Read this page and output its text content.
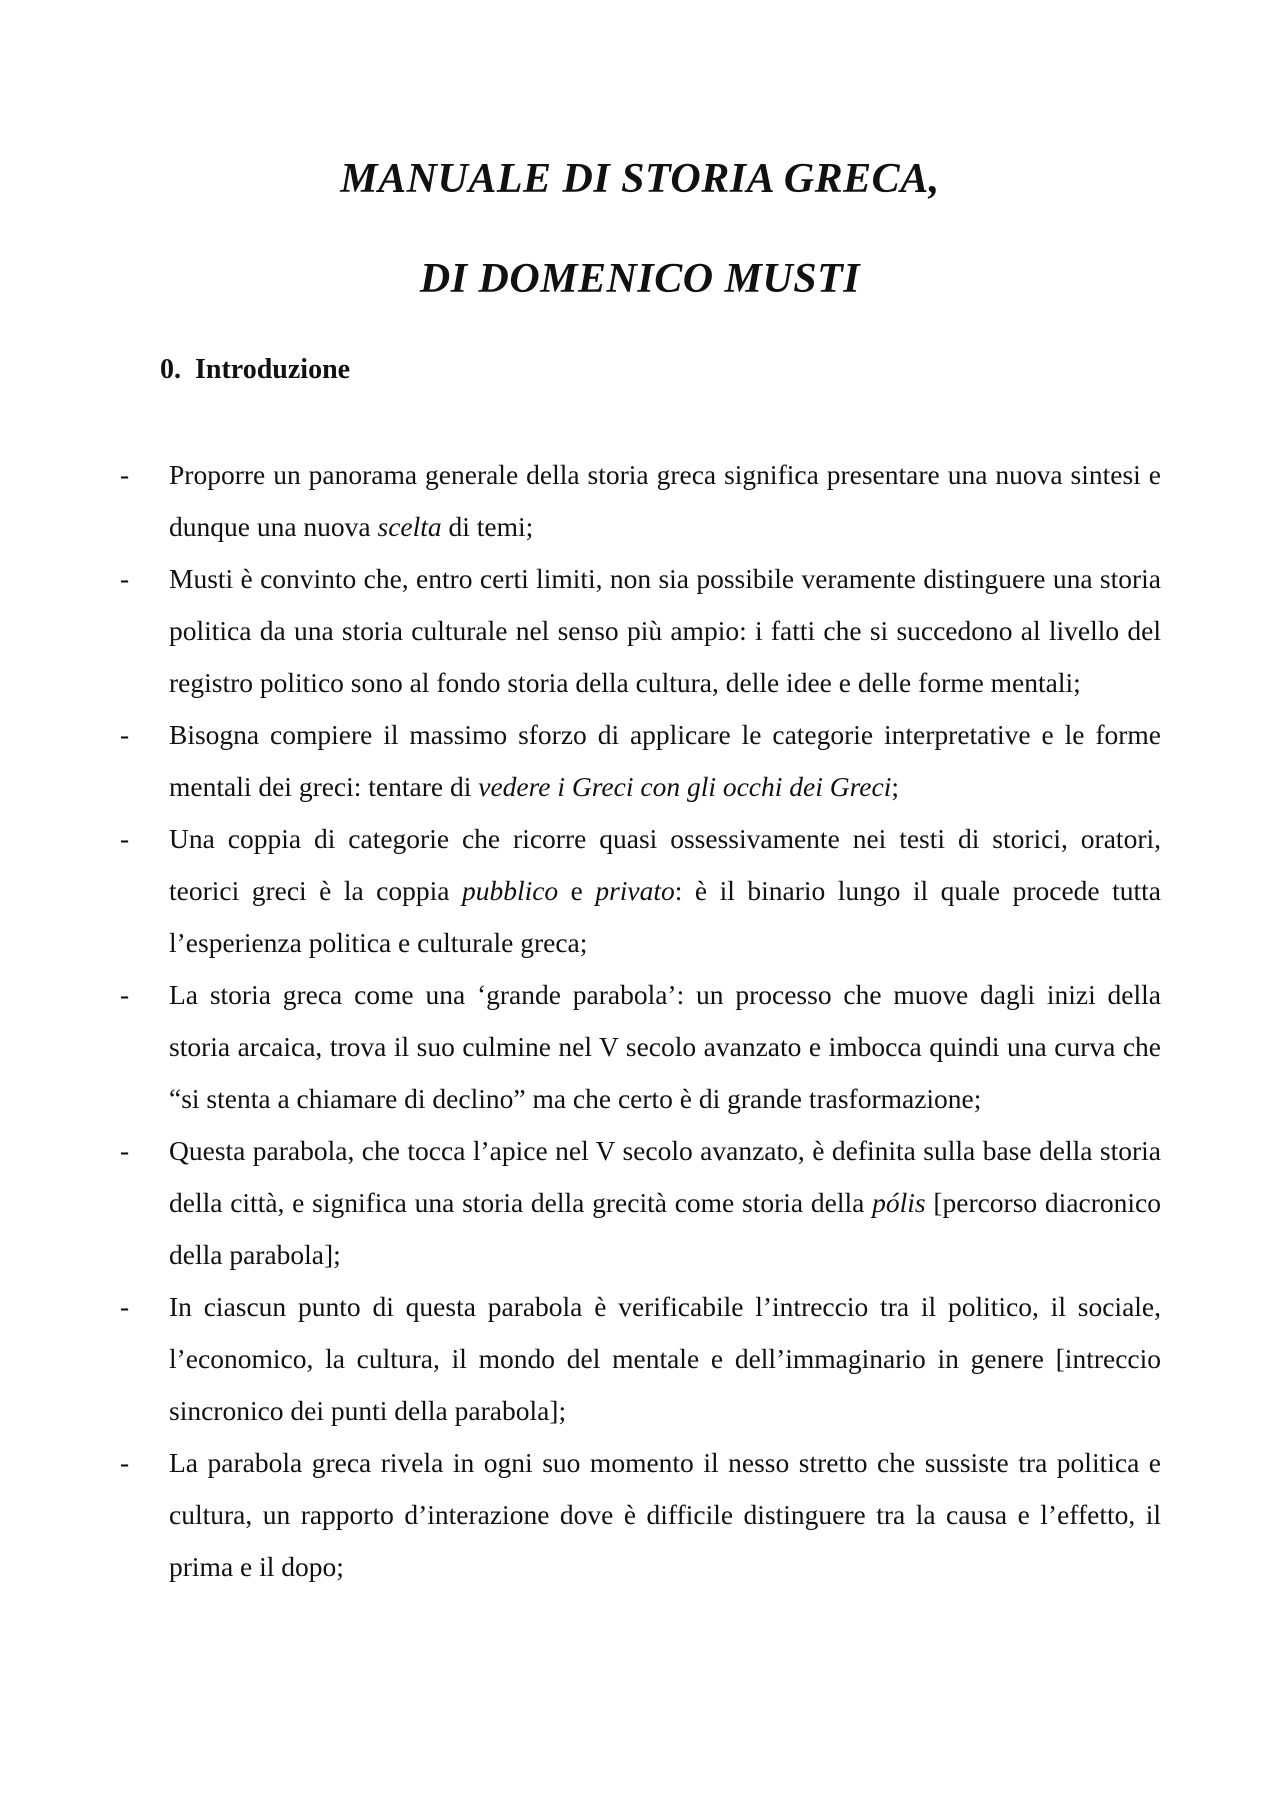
MANUALE DI STORIA GRECA,
DI DOMENICO MUSTI
0. Introduzione
- Proporre un panorama generale della storia greca significa presentare una nuova sintesi e dunque una nuova scelta di temi;
- Musti è convinto che, entro certi limiti, non sia possibile veramente distinguere una storia politica da una storia culturale nel senso più ampio: i fatti che si succedono al livello del registro politico sono al fondo storia della cultura, delle idee e delle forme mentali;
- Bisogna compiere il massimo sforzo di applicare le categorie interpretative e le forme mentali dei greci: tentare di vedere i Greci con gli occhi dei Greci;
- Una coppia di categorie che ricorre quasi ossessivamente nei testi di storici, oratori, teorici greci è la coppia pubblico e privato: è il binario lungo il quale procede tutta l’esperienza politica e culturale greca;
- La storia greca come una ‘grande parabola’: un processo che muove dagli inizi della storia arcaica, trova il suo culmine nel V secolo avanzato e imbocca quindi una curva che “si stenta a chiamare di declino” ma che certo è di grande trasformazione;
- Questa parabola, che tocca l’apice nel V secolo avanzato, è definita sulla base della storia della città, e significa una storia della grecità come storia della pólis [percorso diacronico della parabola];
- In ciascun punto di questa parabola è verificabile l’intreccio tra il politico, il sociale, l’economico, la cultura, il mondo del mentale e dell’immaginario in genere [intreccio sincronico dei punti della parabola];
- La parabola greca rivela in ogni suo momento il nesso stretto che sussiste tra politica e cultura, un rapporto d’interazione dove è difficile distinguere tra la causa e l’effetto, il prima e il dopo;
